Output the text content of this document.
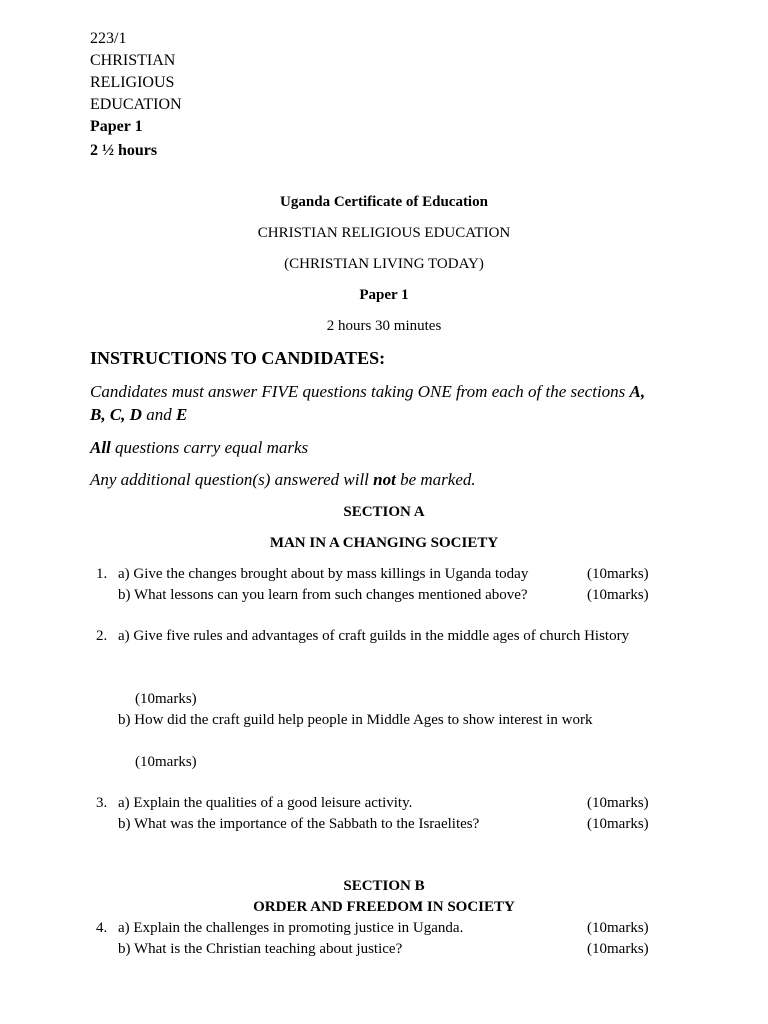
223/1
CHRISTIAN
RELIGIOUS
EDUCATION
Paper 1
2 ½ hours
Uganda Certificate of Education
CHRISTIAN RELIGIOUS EDUCATION
(CHRISTIAN LIVING TODAY)
Paper 1
2 hours 30 minutes
INSTRUCTIONS TO CANDIDATES:
Candidates must answer FIVE questions taking ONE from each of the sections A,
B, C, D and E
All questions carry equal marks
Any additional question(s) answered will not be marked.
SECTION A
MAN IN A CHANGING SOCIETY
1. a) Give the changes brought about by mass killings in Uganda today	(10marks)
b) What lessons can you learn from such changes mentioned above?	(10marks)
2. a) Give five rules and advantages of craft guilds in the middle ages of church History
(10marks)
b) How did the craft guild help people in Middle Ages to show interest in work
(10marks)
3. a) Explain the qualities of a good leisure activity.	(10marks)
b) What was the importance of the Sabbath to the Israelites?	(10marks)
SECTION B
ORDER AND FREEDOM IN SOCIETY
4. a) Explain the challenges in promoting justice in Uganda.	(10marks)
b) What is the Christian teaching about justice?	(10marks)
